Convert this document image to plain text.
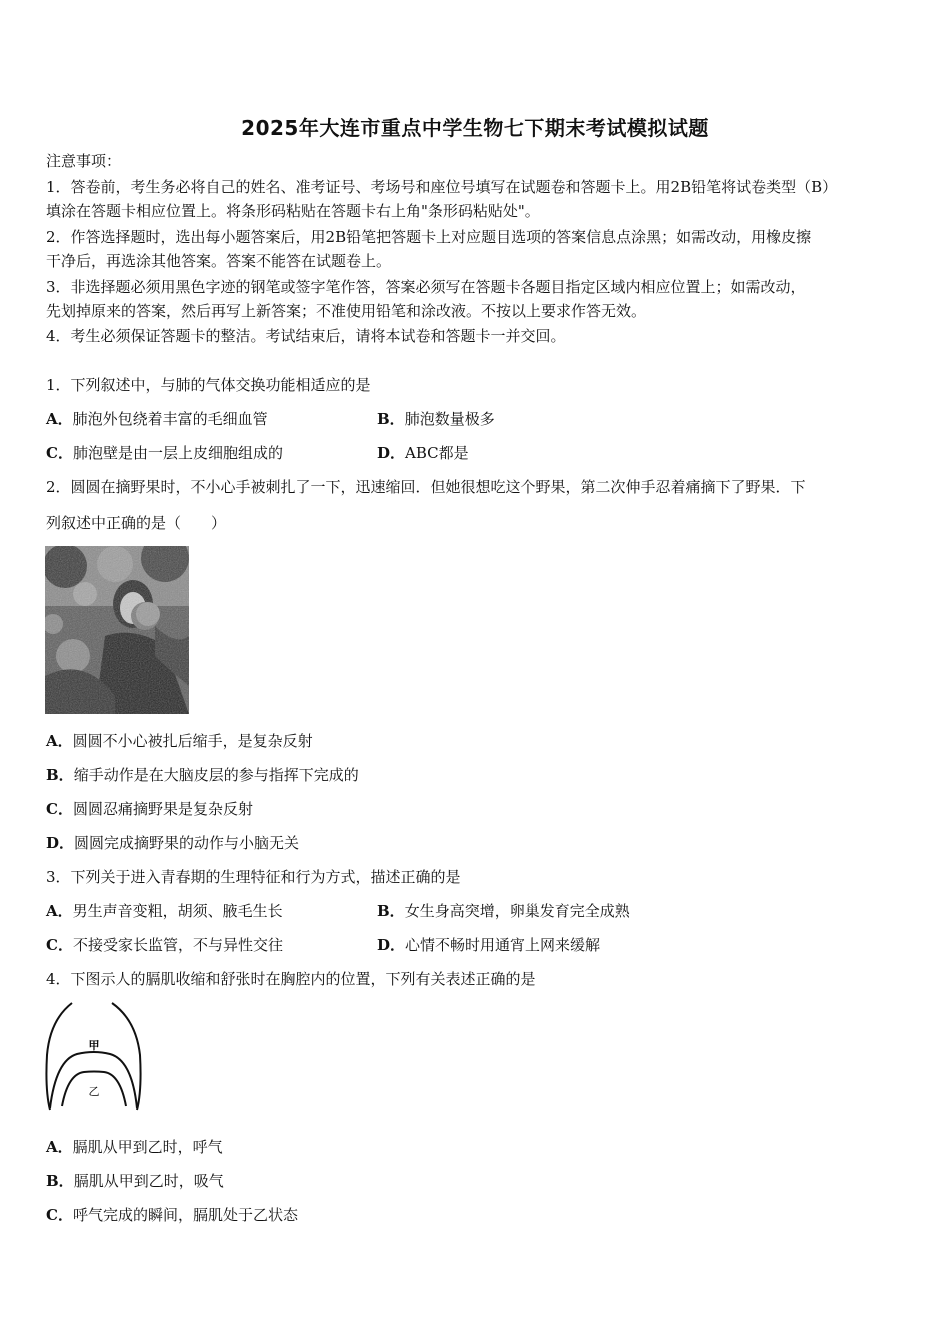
2025年大连市重点中学生物七下期末考试模拟试题
注意事项：
1．答卷前，考生务必将自己的姓名、准考证号、考场号和座位号填写在试题卷和答题卡上。用2B铅笔将试卷类型（B）
填涂在答题卡相应位置上。将条形码粘贴在答题卡右上角"条形码粘贴处"。
2．作答选择题时，选出每小题答案后，用2B铅笔把答题卡上对应题目选项的答案信息点涂黑；如需改动，用橡皮擦
干净后，再选涂其他答案。答案不能答在试题卷上。
3．非选择题必须用黑色字迹的钢笔或签字笔作答，答案必须写在答题卡各题目指定区域内相应位置上；如需改动，
先划掉原来的答案，然后再写上新答案；不准使用铅笔和涂改液。不按以上要求作答无效。
4．考生必须保证答题卡的整洁。考试结束后，请将本试卷和答题卡一并交回。
1．下列叙述中，与肺的气体交换功能相适应的是
A．肺泡外包绕着丰富的毛细血管	B．肺泡数量极多
C．肺泡壁是由一层上皮细胞组成的	D．ABC都是
2．圆圆在摘野果时，不小心手被刺扎了一下，迅速缩回．但她很想吃这个野果，第二次伸手忍着痛摘下了野果．下
列叙述中正确的是（　　）
A．圆圆不小心被扎后缩手，是复杂反射
B．缩手动作是在大脑皮层的参与指挥下完成的
C．圆圆忍痛摘野果是复杂反射
D．圆圆完成摘野果的动作与小脑无关
3．下列关于进入青春期的生理特征和行为方式，描述正确的是
A．男生声音变粗，胡须、腋毛生长	B．女生身高突增，卵巢发育完全成熟
C．不接受家长监管，不与异性交往	D．心情不畅时用通宵上网来缓解
4．下图示人的膈肌收缩和舒张时在胸腔内的位置，下列有关表述正确的是
甲
乙
A．膈肌从甲到乙时，呼气
B．膈肌从甲到乙时，吸气
C．呼气完成的瞬间，膈肌处于乙状态
